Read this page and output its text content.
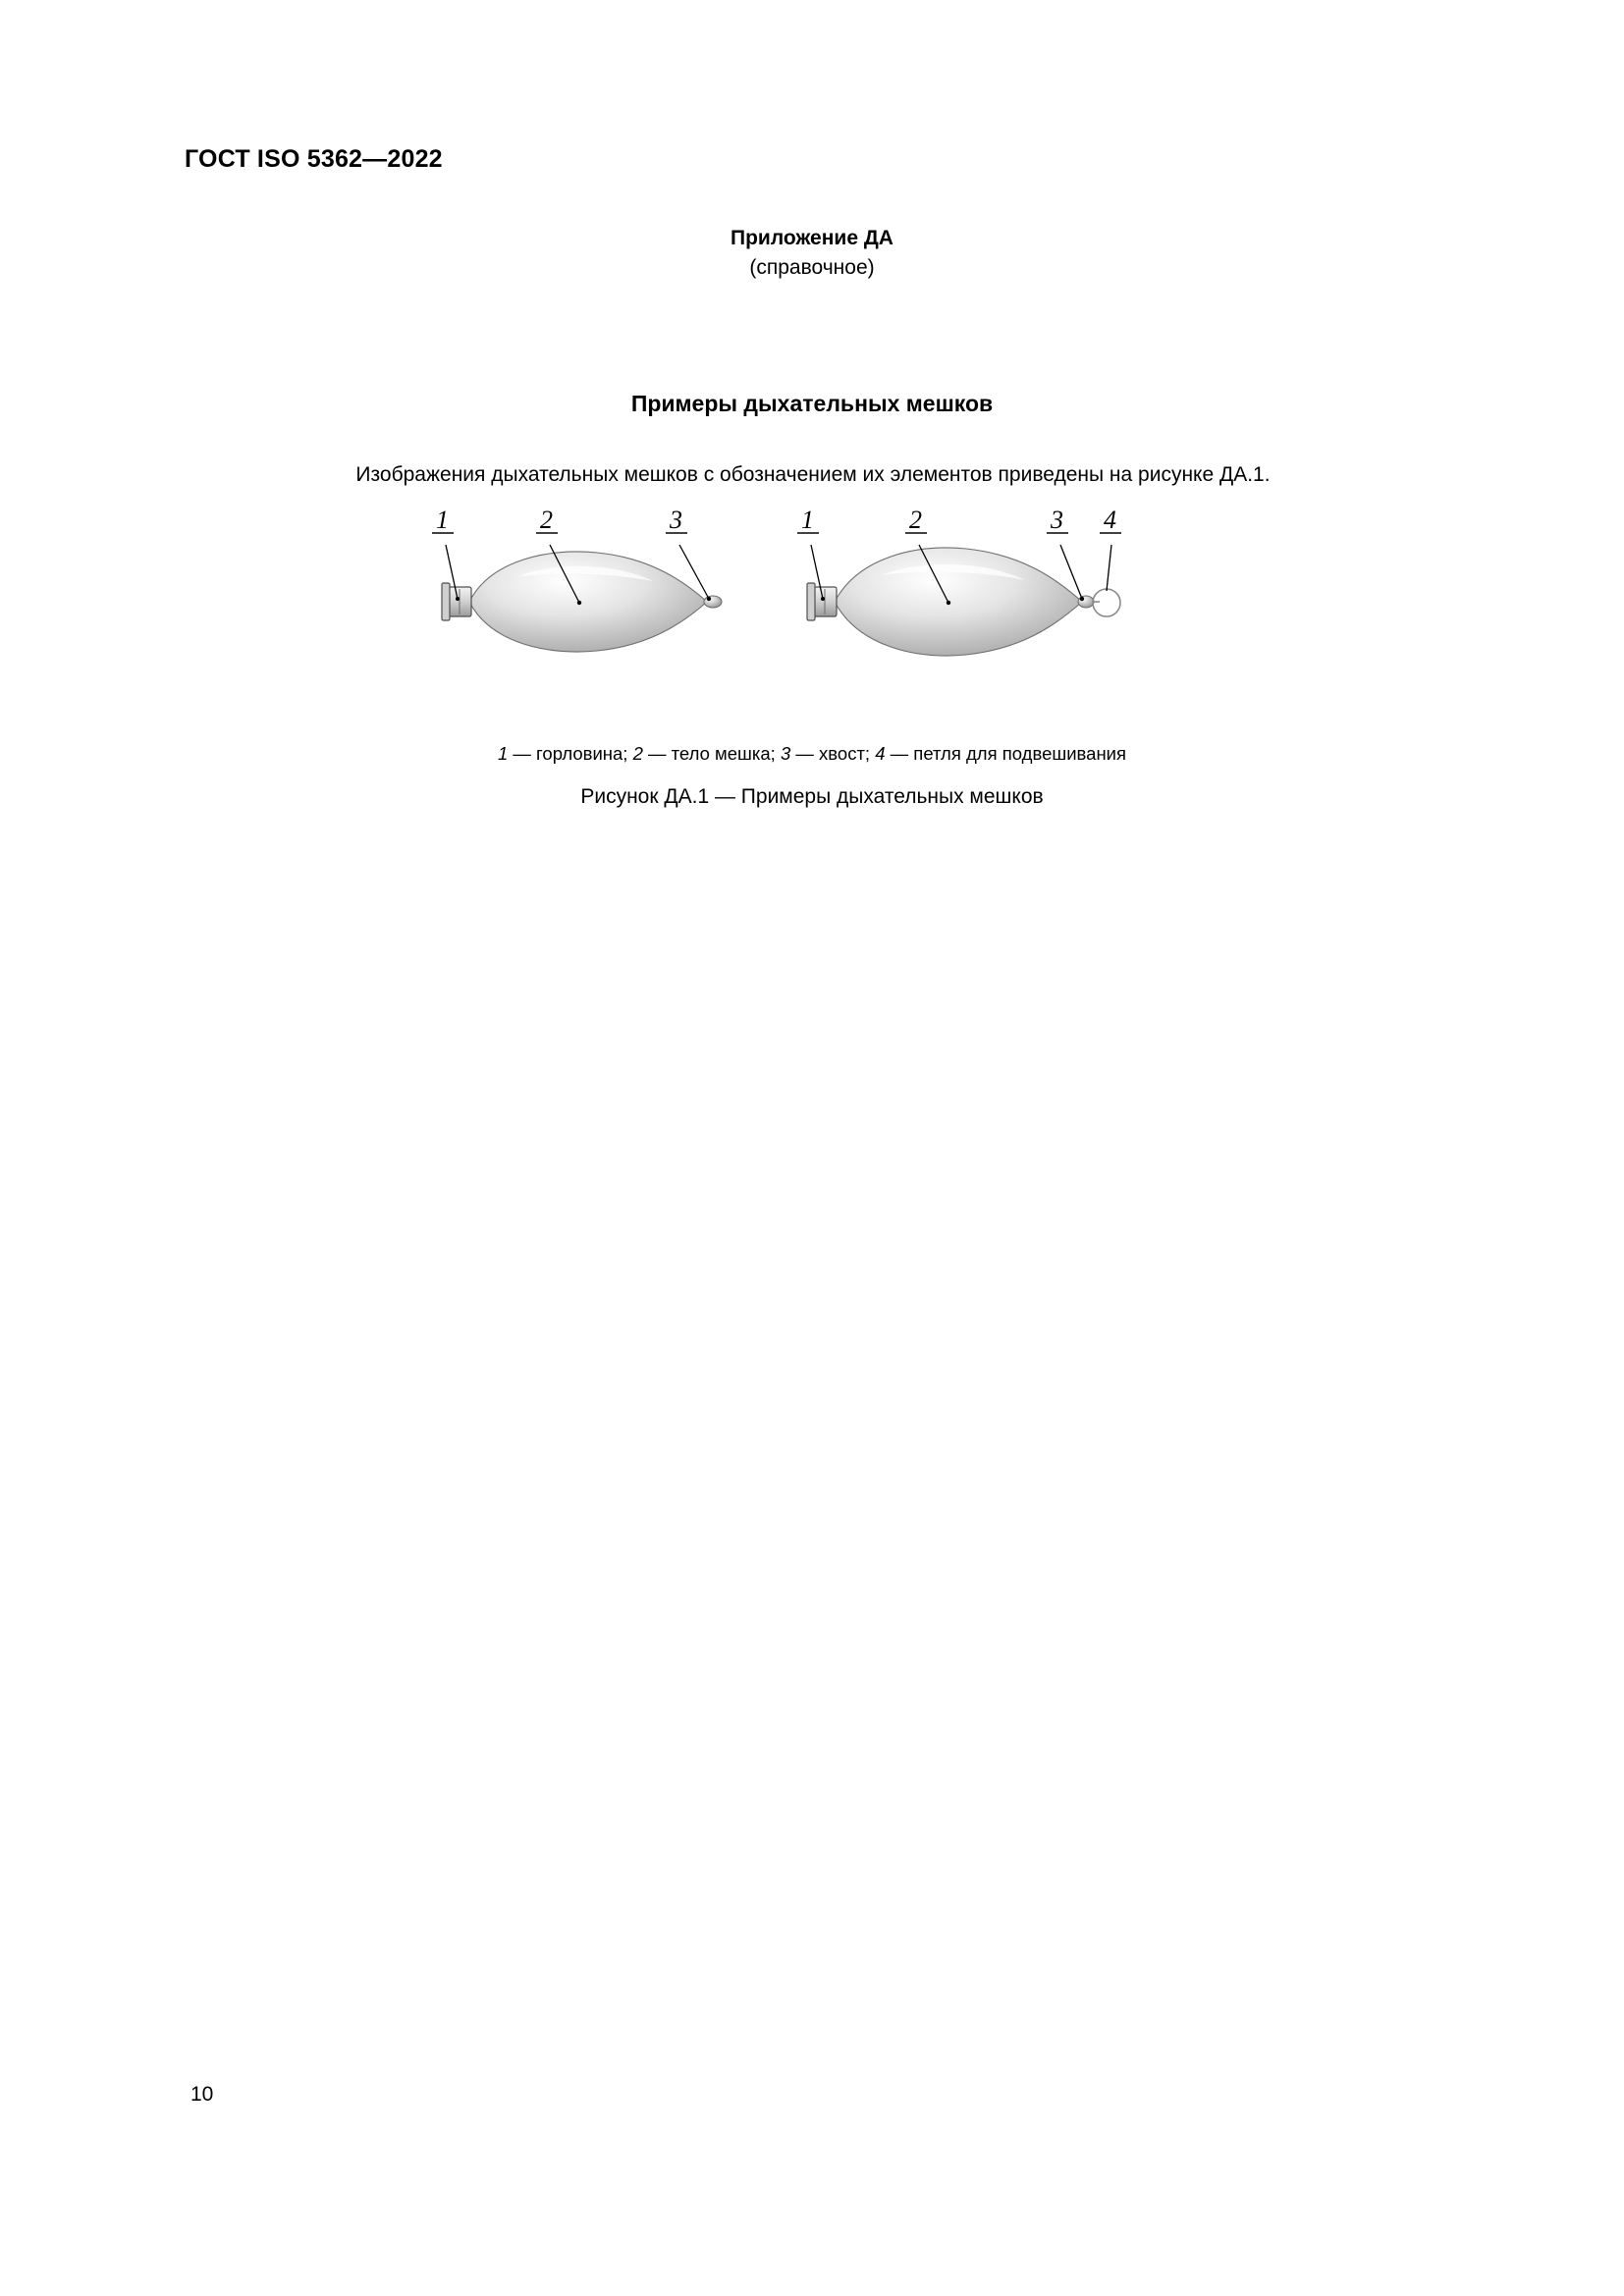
ГОСТ ISO 5362—2022
Приложение ДА
(справочное)
Примеры дыхательных мешков
Изображения дыхательных мешков с обозначением их элементов приведены на рисунке ДА.1.
1	2	3	1	2	3 4
1 — горловина; 2 — тело мешка; 3 — хвост; 4 — петля для подвешивания
Рисунок ДА.1 — Примеры дыхательных мешков
10
